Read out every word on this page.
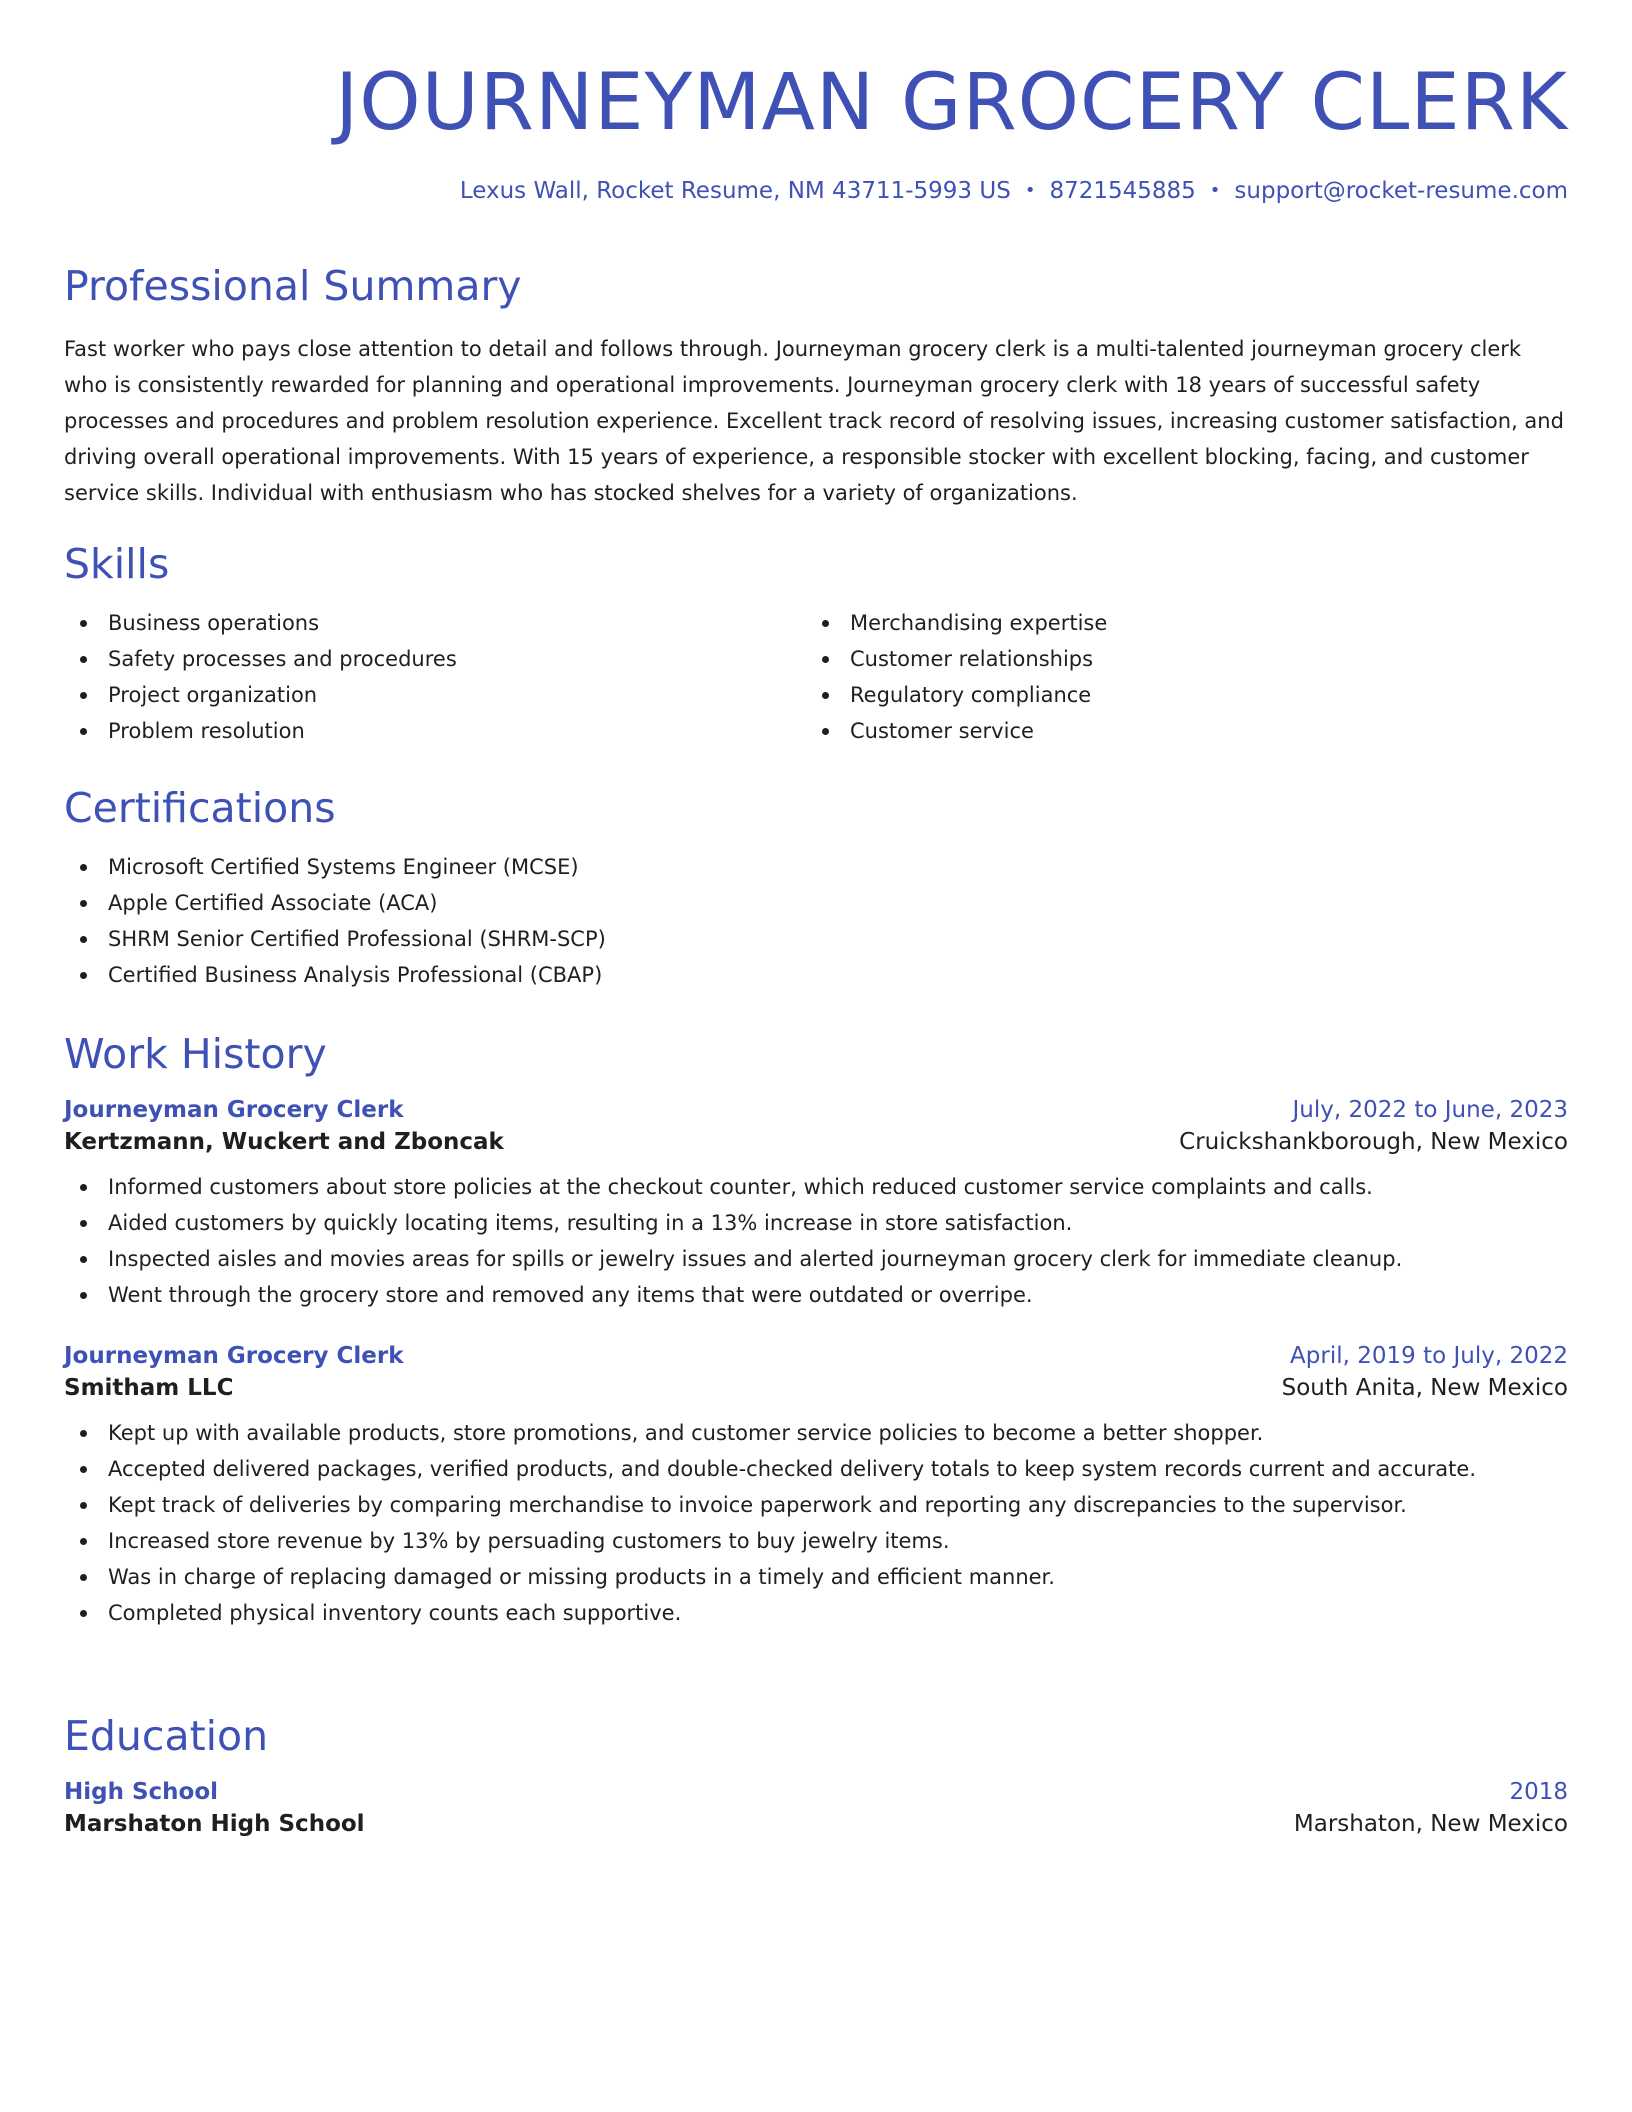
JOURNEYMAN GROCERY CLERK
Lexus Wall, Rocket Resume, NM 43711-5993 US • 8721545885 • support@rocket-resume.com
Professional Summary
Fast worker who pays close attention to detail and follows through. Journeyman grocery clerk is a multi-talented journeyman grocery clerk who is consistently rewarded for planning and operational improvements. Journeyman grocery clerk with 18 years of successful safety processes and procedures and problem resolution experience. Excellent track record of resolving issues, increasing customer satisfaction, and driving overall operational improvements. With 15 years of experience, a responsible stocker with excellent blocking, facing, and customer service skills. Individual with enthusiasm who has stocked shelves for a variety of organizations.
Skills
Business operations
Safety processes and procedures
Project organization
Problem resolution
Merchandising expertise
Customer relationships
Regulatory compliance
Customer service
Certifications
Microsoft Certified Systems Engineer (MCSE)
Apple Certified Associate (ACA)
SHRM Senior Certified Professional (SHRM-SCP)
Certified Business Analysis Professional (CBAP)
Work History
Journeyman Grocery Clerk	July, 2022 to June, 2023
Kertzmann, Wuckert and Zboncak	Cruickshankborough, New Mexico
Informed customers about store policies at the checkout counter, which reduced customer service complaints and calls.
Aided customers by quickly locating items, resulting in a 13% increase in store satisfaction.
Inspected aisles and movies areas for spills or jewelry issues and alerted journeyman grocery clerk for immediate cleanup.
Went through the grocery store and removed any items that were outdated or overripe.
Journeyman Grocery Clerk	April, 2019 to July, 2022
Smitham LLC	South Anita, New Mexico
Kept up with available products, store promotions, and customer service policies to become a better shopper.
Accepted delivered packages, verified products, and double-checked delivery totals to keep system records current and accurate.
Kept track of deliveries by comparing merchandise to invoice paperwork and reporting any discrepancies to the supervisor.
Increased store revenue by 13% by persuading customers to buy jewelry items.
Was in charge of replacing damaged or missing products in a timely and efficient manner.
Completed physical inventory counts each supportive.
Education
High School	2018
Marshaton High School	Marshaton, New Mexico
